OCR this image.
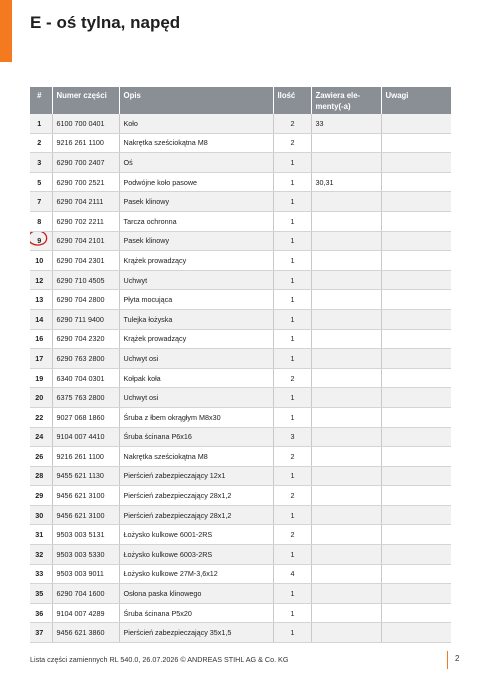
E - oś tylna, napęd
#	Numer części	Opis	Ilość	Zawiera ele-menty(-a)	Uwagi
1	6100 700 0401	Koło	2	33	
2	9216 261 1100	Nakrętka sześciokątna M8	2		
3	6290 700 2407	Oś	1		
5	6290 700 2521	Podwójne koło pasowe	1	30,31	
7	6290 704 2111	Pasek klinowy	1		
8	6290 702 2211	Tarcza ochronna	1		
9	6290 704 2101	Pasek klinowy	1		
10	6290 704 2301	Krążek prowadzący	1		
12	6290 710 4505	Uchwyt	1		
13	6290 704 2800	Płyta mocująca	1		
14	6290 711 9400	Tulejka łożyska	1		
16	6290 704 2320	Krążek prowadzący	1		
17	6290 763 2800	Uchwyt osi	1		
19	6340 704 0301	Kołpak koła	2		
20	6375 763 2800	Uchwyt osi	1		
22	9027 068 1860	Śruba z łbem okrągłym M8x30	1		
24	9104 007 4410	Śruba ścinana P6x16	3		
26	9216 261 1100	Nakrętka sześciokątna M8	2		
28	9455 621 1130	Pierścień zabezpieczający 12x1	1		
29	9456 621 3100	Pierścień zabezpieczający 28x1,2	2		
30	9456 621 3100	Pierścień zabezpieczający 28x1,2	1		
31	9503 003 5131	Łożysko kulkowe 6001-2RS	2		
32	9503 003 5330	Łożysko kulkowe 6003-2RS	1		
33	9503 003 9011	Łożysko kulkowe 27M-3,6x12	4		
35	6290 704 1600	Osłona paska klinowego	1		
36	9104 007 4289	Śruba ścinana P5x20	1		
37	9456 621 3860	Pierścień zabezpieczający 35x1,5	1		
Lista części zamiennych RL 540.0, 26.07.2026 © ANDREAS STIHL AG & Co. KG	2
